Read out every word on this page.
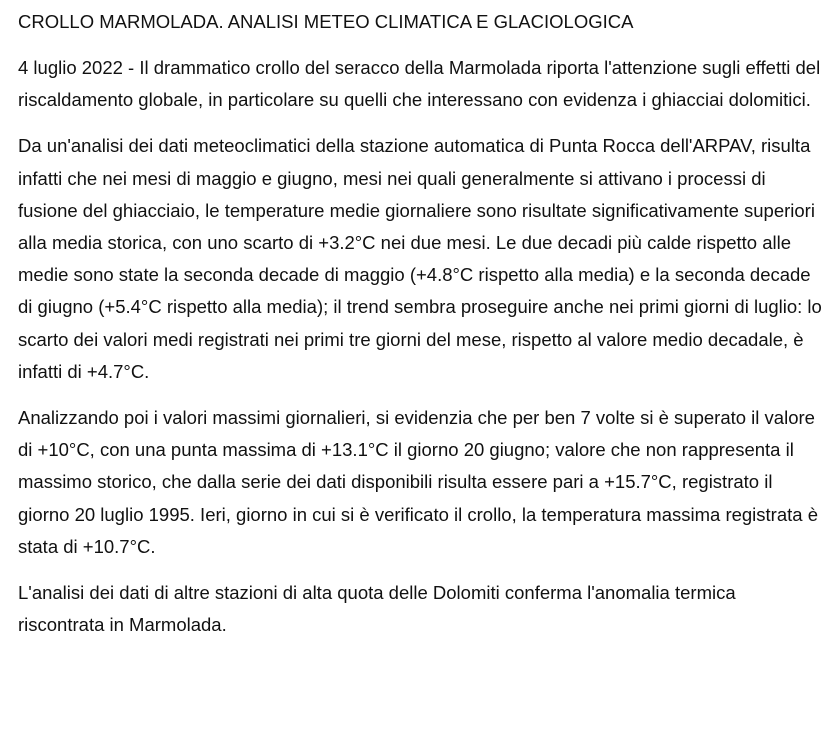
CROLLO MARMOLADA. ANALISI METEO CLIMATICA E GLACIOLOGICA

4 luglio 2022 - Il drammatico crollo del seracco della Marmolada riporta l'attenzione sugli effetti del riscaldamento globale, in particolare su quelli che interessano con evidenza i ghiacciai dolomitici.

Da un'analisi dei dati meteoclimatici della stazione automatica di Punta Rocca dell'ARPAV, risulta infatti che nei mesi di maggio e giugno, mesi nei quali generalmente si attivano i processi di fusione del ghiacciaio, le temperature medie giornaliere sono risultate significativamente superiori alla media storica, con uno scarto di +3.2°C nei due mesi. Le due decadi più calde rispetto alle medie sono state la seconda decade di maggio (+4.8°C rispetto alla media) e la seconda decade di giugno (+5.4°C rispetto alla media); il trend sembra proseguire anche nei primi giorni di luglio: lo scarto dei valori medi registrati nei primi tre giorni del mese, rispetto al valore medio decadale, è infatti di +4.7°C.

Analizzando poi i valori massimi giornalieri, si evidenzia che per ben 7 volte si è superato il valore di +10°C, con una punta massima di +13.1°C il giorno 20 giugno; valore che non rappresenta il massimo storico, che dalla serie dei dati disponibili risulta essere pari a +15.7°C, registrato il giorno 20 luglio 1995. Ieri, giorno in cui si è verificato il crollo, la temperatura massima registrata è stata di +10.7°C.

L'analisi dei dati di altre stazioni di alta quota delle Dolomiti conferma l'anomalia termica riscontrata in Marmolada.
